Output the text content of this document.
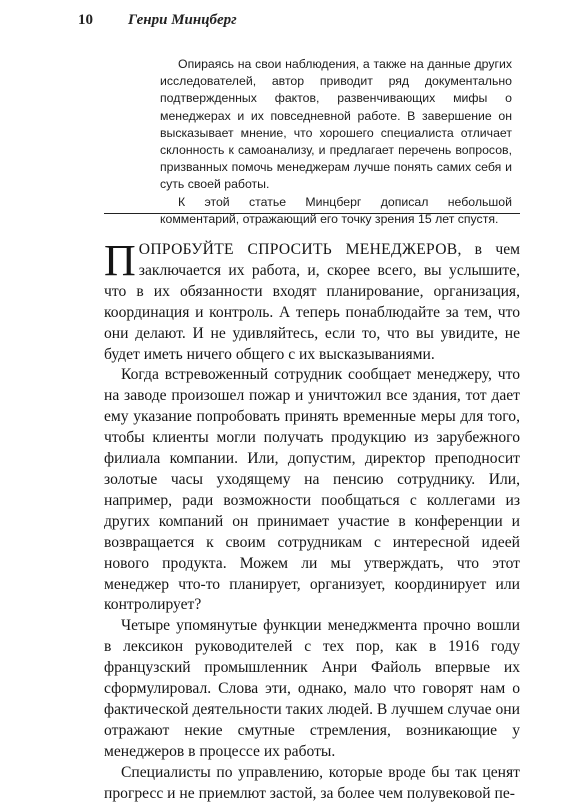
10 Генри Минцберг

Опираясь на свои наблюдения, а также на данные других исследователей, автор приводит ряд документально подтвержденных фактов, развенчивающих мифы о менеджерах и их повседневной работе. В завершение он высказывает мнение, что хорошего специалиста отличает склонность к самоанализу, и предлагает перечень вопросов, призванных помочь менеджерам лучше понять самих себя и суть своей работы.

К этой статье Минцберг дописал небольшой комментарий, отражающий его точку зрения 15 лет спустя.

ПОПРОБУЙТЕ СПРОСИТЬ МЕНЕДЖЕРОВ, в чем заключается их работа, и, скорее всего, вы услышите, что в их обязанности входят планирование, организация, координация и контроль. А теперь понаблюдайте за тем, что они делают. И не удивляйтесь, если то, что вы увидите, не будет иметь ничего общего с их высказываниями.

Когда встревоженный сотрудник сообщает менеджеру, что на заводе произошел пожар и уничтожил все здания, тот дает ему указание попробовать принять временные меры для того, чтобы клиенты могли получать продукцию из зарубежного филиала компании. Или, допустим, директор преподносит золотые часы уходящему на пенсию сотруднику. Или, например, ради возможности пообщаться с коллегами из других компаний он принимает участие в конференции и возвращается к своим сотрудникам с интересной идеей нового продукта. Можем ли мы утверждать, что этот менеджер что-то планирует, организует, координирует или контролирует?

Четыре упомянутые функции менеджмента прочно вошли в лексикон руководителей с тех пор, как в 1916 году французский промышленник Анри Файоль впервые их сформулировал. Слова эти, однако, мало что говорят нам о фактической деятельности таких людей. В лучшем случае они отражают некие смутные стремления, возникающие у менеджеров в процессе их работы.

Специалисты по управлению, которые вроде бы так ценят прогресс и не приемлют застой, за более чем полувековой пе-
